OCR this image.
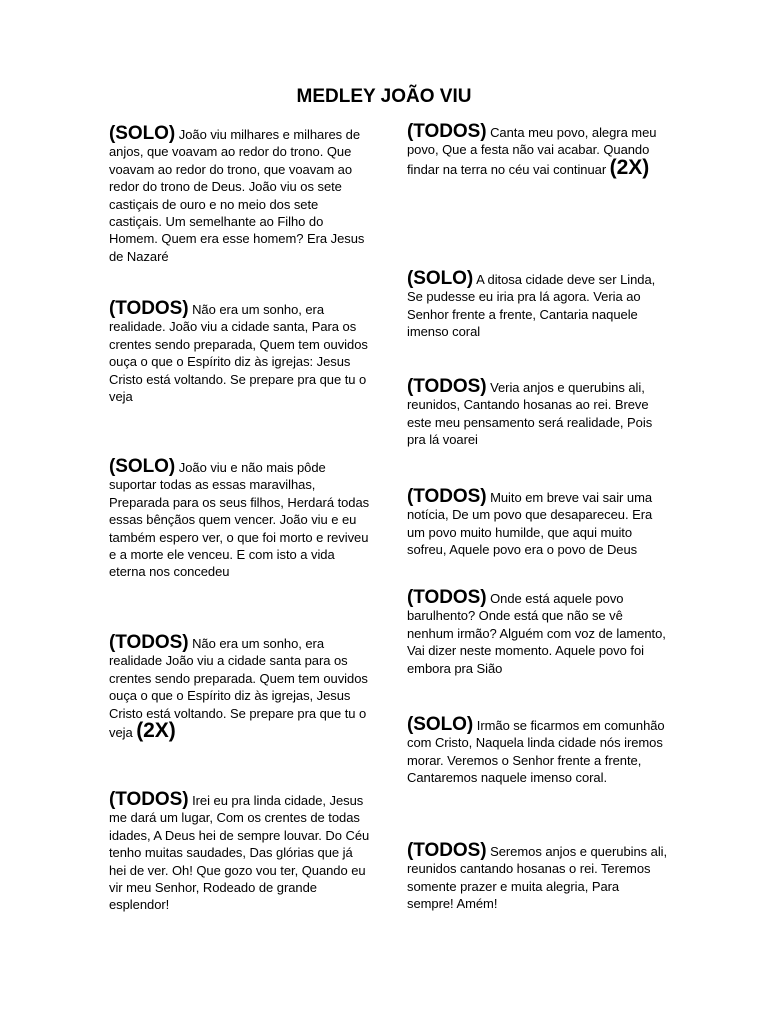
MEDLEY JOÃO VIU
(SOLO) João viu milhares e milhares de anjos, que voavam ao redor do trono. Que voavam ao redor do trono, que voavam ao redor do trono de Deus. João viu os sete castiçais de ouro e no meio dos sete castiçais. Um semelhante ao Filho do Homem. Quem era esse homem? Era Jesus de Nazaré
(TODOS) Não era um sonho, era realidade. João viu a cidade santa, Para os crentes sendo preparada, Quem tem ouvidos ouça o que o Espírito diz às igrejas: Jesus Cristo está voltando. Se prepare pra que tu o veja
(SOLO) João viu e não mais pôde suportar todas as essas maravilhas, Preparada para os seus filhos, Herdará todas essas bênçãos quem vencer. João viu e eu também espero ver, o que foi morto e reviveu e a morte ele venceu. E com isto a vida eterna nos concedeu
(TODOS) Não era um sonho, era realidade João viu a cidade santa para os crentes sendo preparada. Quem tem ouvidos ouça o que o Espírito diz às igrejas, Jesus Cristo está voltando. Se prepare pra que tu o veja (2X)
(TODOS) Irei eu pra linda cidade, Jesus me dará um lugar, Com os crentes de todas idades, A Deus hei de sempre louvar. Do Céu tenho muitas saudades, Das glórias que já hei de ver. Oh! Que gozo vou ter, Quando eu vir meu Senhor, Rodeado de grande esplendor!
(TODOS) Canta meu povo, alegra meu povo, Que a festa não vai acabar. Quando findar na terra no céu vai continuar (2X)
(SOLO) A ditosa cidade deve ser Linda, Se pudesse eu iria pra lá agora. Veria ao Senhor frente a frente, Cantaria naquele imenso coral
(TODOS) Veria anjos e querubins ali, reunidos, Cantando hosanas ao rei. Breve este meu pensamento será realidade, Pois pra lá voarei
(TODOS) Muito em breve vai sair uma notícia, De um povo que desapareceu. Era um povo muito humilde, que aqui muito sofreu, Aquele povo era o povo de Deus
(TODOS) Onde está aquele povo barulhento? Onde está que não se vê nenhum irmão? Alguém com voz de lamento, Vai dizer neste momento. Aquele povo foi embora pra Sião
(SOLO) Irmão se ficarmos em comunhão com Cristo, Naquela linda cidade nós iremos morar. Veremos o Senhor frente a frente, Cantaremos naquele imenso coral.
(TODOS) Seremos anjos e querubins ali, reunidos cantando hosanas o rei. Teremos somente prazer e muita alegria, Para sempre! Amém!
